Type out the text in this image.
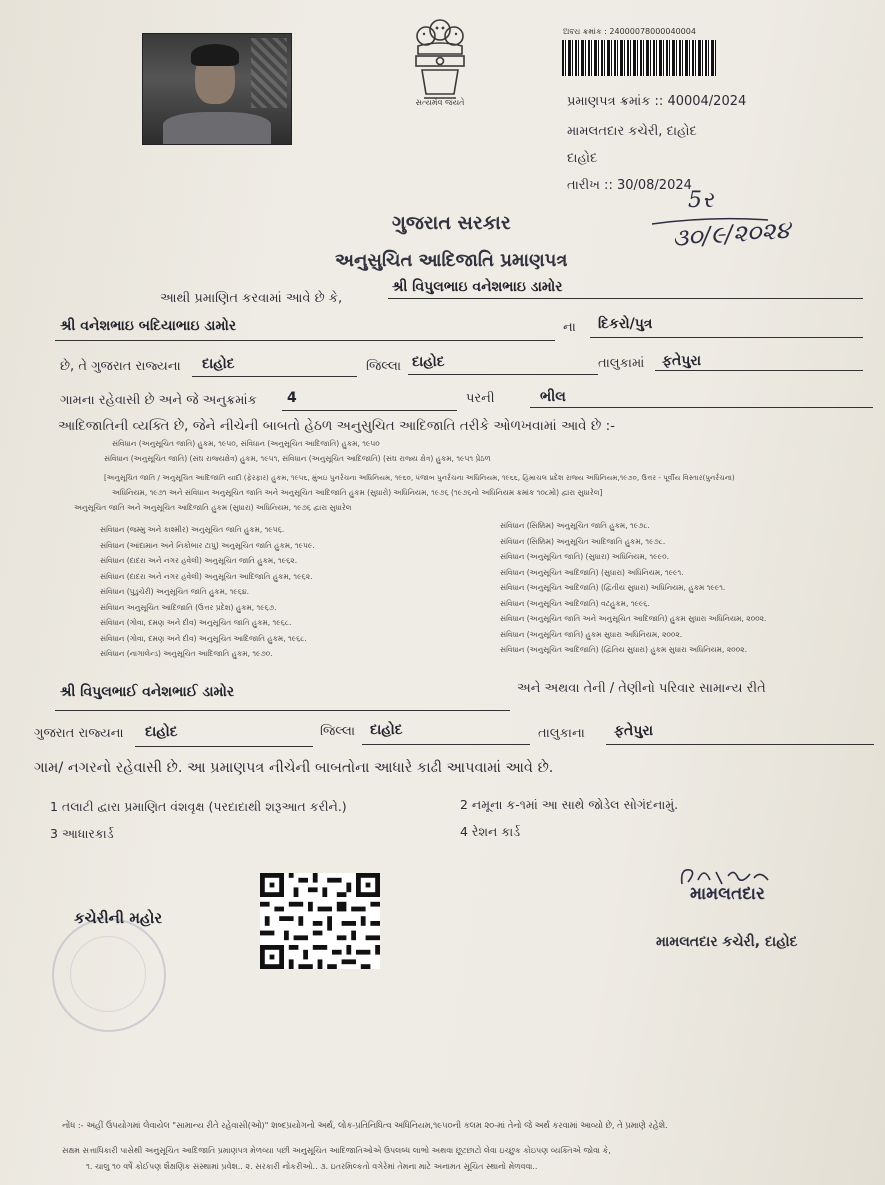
સત્યમેવ જયતે
ଅବଧ ક્રમાંક : 24000078000040004
પ્રમાણપત્ર ક્રમાંક :: 40004/2024
મામલતદાર કચેરી, દાહોદ
દાહોદ
તારીખ :: 30/08/2024
5ર
૩૦/૯/૨૦૨૪
ગુજરાત સરકાર
અનુસુચિત આદિજાતિ પ્રમાણપત્ર
આથી પ્રમાણિત કરવામાં આવે છે કે,
શ્રી વિપુલભાઇ વનેશભાઇ ડામોર
શ્રી વનેશભાઇ બદિયાભાઇ ડામોર	ના દિકરો/પુત્ર
છે, તે ગુજરાત રાજ્યના દાહોદ	જિલ્લા દાહોદ	તાલુકામાં ફતેપુરા
ગામના રહેવાસી છે અને જે અનુક્રમાંક 4	પરની	ભીલ
આદિજાતિની વ્યક્તિ છે, જેને નીચેની બાબતો હેઠળ અનુસુચિત આદિજાતિ તરીકે ઓળખવામાં આવે છે :-
સંવિધાન (અનુસૂચિત જાતિ) હુકમ, ૧૯૫૦, સંવિધાન (અનુસૂચિત આદિજાતિ) હુકમ, ૧૯૫૦
સંવિધાન (અનુસૂચિત જાતિ) (સંઘ રાજ્યક્ષેત્ર) હુકમ, ૧૯૫૧, સંવિધાન (અનુસૂચિત આદિજાતિ) (સંઘ રાજ્ય ક્ષેત્ર) હુકમ, ૧૯૫૧ પ્રેઠળ
[અનુસૂચિત જાતિ / અનુસૂચિત આદિજાતિ યાદી (ફેરફાર) હુકમ, ૧૯૫૬, મુંબઇ પુનર્રચના અધિનિયમ, ૧૯૬૦, પંજાબ પુનર્રચના અધિનિયમ, ૧૯૬૬, હિમાચલ પ્રદેશ રાજ્ય અધિનિયમ,૧૯૭૦, ઉત્તર - પૂર્વીય વિસ્તાર(પુનર્રચના)
અધિનિયમ, ૧૯૭૧ અને સંવિધાન અનુસૂચિત જાતિ અને અનુસૂચિત આદિજાતિ હુકમ (સુધારો) અધિનિયમ, ૧૯૭૬ (૧૯૭૬નો અધિનિયમ ક્રમાંક ૧૦૮મો) દ્વારા સુધારેલ]
અનુસૂચિત જાતિ અને અનુસૂચિત આદિજાતિ હુકમ (સુધારા) અધિનિયમ, ૧૯૭૬ દ્વારા સુધારેલ
સંવિધાન (જમ્મુ અને કાશ્મીર) અનુસૂચિત જાતિ હુકમ, ૧૯૫૬.
સંવિધાન (આંદામાન અને નિકોબાર ટાપુ) અનુસૂચિત જાતિ હુકમ, ૧૯૫૯.
સંવિધાન (દાદરા અને નગર હવેલી) અનુસૂચિત જાતિ હુકમ, ૧૯૬૨.
સંવિધાન (દાદરા અને નગર હવેલી) અનુસૂચિત આદિજાતિ હુકમ, ૧૯૬૨.
સંવિધાન (પુડુચેરી) અનુસૂચિત જાતિ હુકમ, ૧૯૬૪.
સંવિધાન અનુસૂચિત આદિજાતિ (ઉત્તર પ્રદેશ) હુકમ, ૧૯૬૭.
સંવિધાન (ગોવા, દમણ અને દીવ) અનુસૂચિત જાતિ હુકમ, ૧૯૬૮.
સંવિધાન (ગોવા, દમણ અને દીવ) અનુસૂચિત આદિજાતિ હુકમ, ૧૯૬૮.
સંવિધાન (નાગાલેન્ડ) અનુસૂચિત આદિજાતિ હુકમ, ૧૯૭૦.
સંવિધાન (સિક્કિમ) અનુસૂચિત જાતિ હુકમ, ૧૯૭૮.
સંવિધાન (સિક્કિમ) અનુસૂચિત આદિજાતિ હુકમ, ૧૯૭૮.
સંવિધાન (અનુસૂચિત જાતિ) (સુધારા) અધિનિયમ, ૧૯૯૦.
સંવિધાન (અનુસૂચિત આદિજાતિ) (સુધારા) અધિનિયમ, ૧૯૯૧.
સંવિધાન (અનુસૂચિત આદિજાતિ) (દ્વિતીય સુધારા) અધિનિયમ, હુકમ ૧૯૯૧.
સંવિધાન (અનુસૂચિત આદિજાતિ) વટહુકમ, ૧૯૯૬.
સંવિધાન (અનુસૂચિત જાતિ અને અનુસૂચિત આદિજાતિ) હુકમ સુધારા અધિનિયમ, ૨૦૦૨.
સંવિધાન (અનુસૂચિત જાતિ) હુકમ સુધારા અધિનિયમ, ૨૦૦૨.
સંવિધાન (અનુસૂચિત આદિજાતિ) (દ્વિતિય સુધારા) હુકમ સુધારા અધિનિયમ, ૨૦૦૨.
શ્રી વિપુલભાઈ વનેશભાઈ ડામોર	અને અથવા તેની / તેણીનો પરિવાર સામાન્ય રીતે
ગુજરાત રાજ્યના દાહોદ	જિલ્લા દાહોદ	તાલુકાના ફતેપુરા
ગામ/ નગરનો રહેવાસી છે. આ પ્રમાણપત્ર નીચેની બાબતોના આધારે કાઢી આપવામાં આવે છે.
1 તલાટી દ્વારા પ્રમાણિત વંશવૃક્ષ (પરદાદાથી શરૂઆત કરીને.)	2 નમૂના ક-૧માં આ સાથે જોડેલ સોગંદનામું.
3 આધારકાર્ડ	4 રેશન કાર્ડ
કચેરીની મહોર
મામલતદાર
મામલતદાર કચેરી, દાહોદ
નોંધ :- અહીં ઉપયોગમાં લેવાયેલ "સામાન્ય રીતે રહેવાસી(ઓ)" શબ્દપ્રયોગનો અર્થ, લોક-પ્રતિનિધિત્વ અધિનિયમ,૧૯૫૦ની કલમ ૨૦-માં તેનો જે અર્થ કરવામાં આવ્યો છે, તે પ્રમાણે રહેશે.
સક્ષમ સત્તાધિકારી પાસેથી અનુસૂચિત આદિજાતિ પ્રમાણપત્ર મેળવ્યા પછી અનુસૂચિત આદિજાતિઓએ ઉપલબ્ધ લાભો અથવા છૂટછાટો લેવા ઇચ્છુક કોઇપણ વ્યક્તિએ જોવા કે,
૧. ચાલુ ૧૦ વર્ષે કોઈપણ શૈક્ષણિક સંસ્થામાં પ્રવેશ.. ૨. સરકારી નોકરીઓ.. ૩. ઇતરમિલ્કતો વગેરેમાં તેમના માટે અનામત સૂચિત સ્થાનો મેળવવા..
